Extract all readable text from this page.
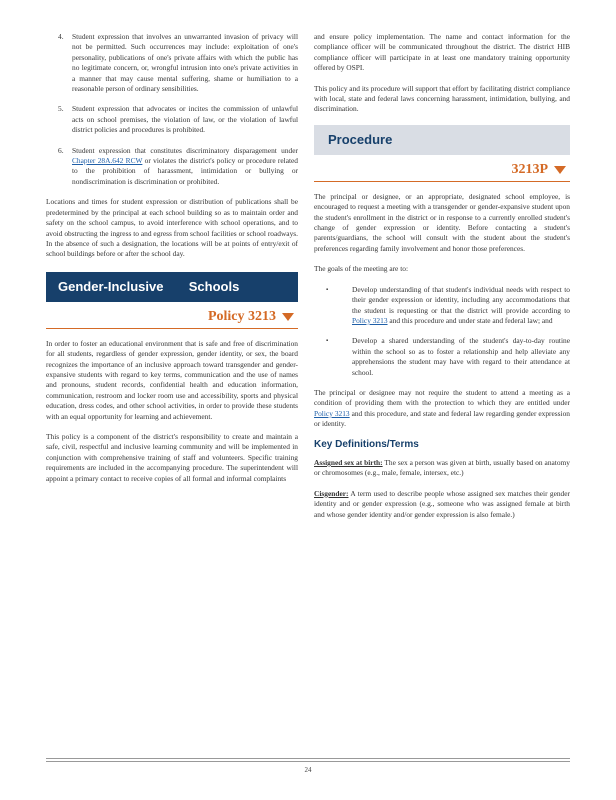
4.	Student expression that involves an unwarranted invasion of privacy will not be permitted. Such occurrences may include: exploitation of one's personality, publications of one's private affairs with which the public has no legitimate concern, or, wrongful intrusion into one's private activities in a manner that may cause mental suffering, shame or humiliation to a reasonable person of ordinary sensibilities.
5.	Student expression that advocates or incites the commission of unlawful acts on school premises, the violation of law, or the violation of lawful district policies and procedures is prohibited.
6.	Student expression that constitutes discriminatory disparagement under Chapter 28A.642 RCW or violates the district's policy or procedure related to the prohibition of harassment, intimidation or bullying or nondiscrimination is discrimination or prohibited.

Locations and times for student expression or distribution of publications shall be predetermined by the principal at each school building so as to maintain order and safety on the school campus, to avoid interference with school operations, and to avoid obstructing the ingress to and egress from school facilities or school roadways. In the absence of such a designation, the locations will be at points of entry/exit of school buildings before or after the school day.

Gender-Inclusive       Schools
Policy 3213

In order to foster an educational environment that is safe and free of discrimination for all students, regardless of gender expression, gender identity, or sex, the board recognizes the importance of an inclusive approach toward transgender and gender-expansive students with regard to key terms, communication and the use of names and pronouns, student records, confidential health and education information, communication, restroom and locker room use and accessibility, sports and physical education, dress codes, and other school activities, in order to provide these students with an equal opportunity for learning and achievement.

This policy is a component of the district's responsibility to create and maintain a safe, civil, respectful and inclusive learning community and will be implemented in conjunction with comprehensive training of staff and volunteers. Specific training requirements are included in the accompanying procedure. The superintendent will appoint a primary contact to receive copies of all formal and informal complaints

and ensure policy implementation. The name and contact information for the compliance officer will be communicated throughout the district. The district HIB compliance officer will participate in at least one mandatory training opportunity offered by OSPI.

This policy and its procedure will support that effort by facilitating district compliance with local, state and federal laws concerning harassment, intimidation, bullying, and discrimination.

Procedure
3213P

The principal or designee, or an appropriate, designated school employee, is encouraged to request a meeting with a transgender or gender-expansive student upon the student's enrollment in the district or in response to a currently enrolled student's change of gender expression or identity. Before contacting a student's parents/guardians, the school will consult with the student about the student's preferences regarding family involvement and honor those preferences.

The goals of the meeting are to:

▪	Develop understanding of that student's individual needs with respect to their gender expression or identity, including any accommodations that the student is requesting or that the district will provide according to Policy 3213 and this procedure and under state and federal law; and
▪	Develop a shared understanding of the student's day-to-day routine within the school so as to foster a relationship and help alleviate any apprehensions the student may have with regard to their attendance at school.

The principal or designee may not require the student to attend a meeting as a condition of providing them with the protection to which they are entitled under Policy 3213 and this procedure, and state and federal law regarding gender expression or identity.

Key Definitions/Terms

Assigned sex at birth: The sex a person was given at birth, usually based on anatomy or chromosomes (e.g., male, female, intersex, etc.)

Cisgender: A term used to describe people whose assigned sex matches their gender identity and or gender expression (e.g., someone who was assigned female at birth and whose gender identity and/or gender expression is also female.)

24
